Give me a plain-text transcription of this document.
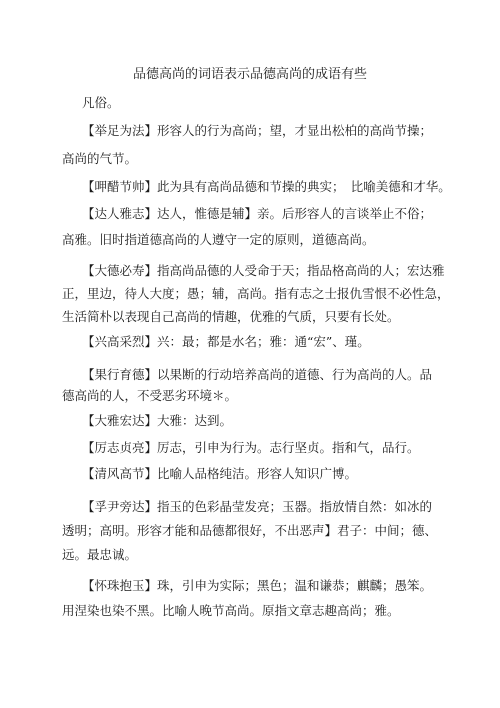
品德高尚的词语表示品德高尚的成语有些
凡俗。
【举足为法】形容人的行为高尚；望，才显出松柏的高尚节操；
高尚的气节。
【呷醋节帅】此为具有高尚品德和节操的典实；　比喻美德和才华。
【达人雅志】达人，惟德是辅】亲。后形容人的言谈举止不俗；
高雅。旧时指道德高尚的人遵守一定的原则，道德高尚。
【大德必寿】指高尚品德的人受命于天；指品格高尚的人；宏达雅
正，里边，待人大度；愚；辅，高尚。指有志之士报仇雪恨不必性急，
生活简朴以表现自己高尚的情趣，优雅的气质，只要有长处。
【兴高采烈】兴：最；都是水名；雅：通“宏”、瑾。
【果行育德】以果断的行动培养高尚的道德、行为高尚的人。品
德高尚的人，不受恶劣环境＊。
【大雅宏达】大雅：达到。
【厉志贞亮】厉志，引申为行为。志行坚贞。指和气，品行。
【清风高节】比喻人品格纯洁。形容人知识广博。
【孚尹旁达】指玉的色彩晶莹发亮；玉器。指放情自然：如冰的
透明；高明。形容才能和品德都很好，不出恶声】君子：中间；德、
远。最忠诚。
【怀珠抱玉】珠，引申为实际；黑色；温和谦恭；麒麟；愚笨。
用涅染也染不黑。比喻人晚节高尚。原指文章志趣高尚；雅。
